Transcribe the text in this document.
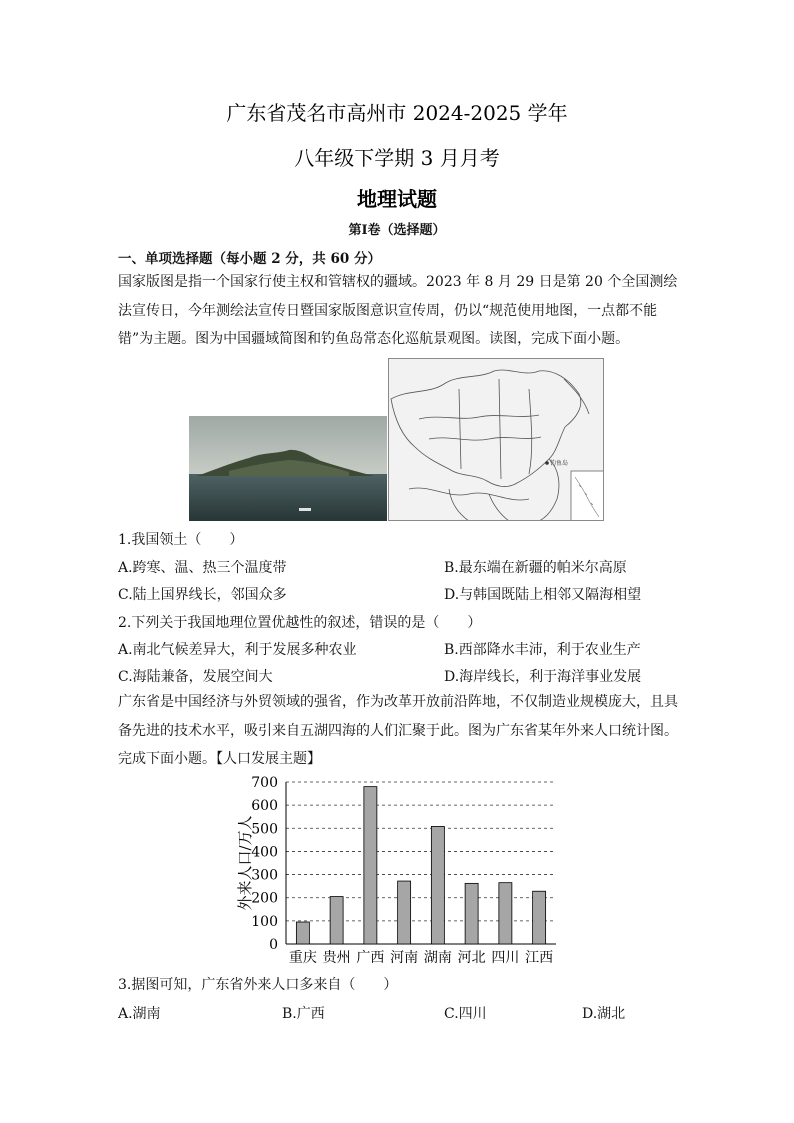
广东省茂名市高州市 2024-2025 学年
八年级下学期 3 月月考
地理试题
第Ⅰ卷（选择题）
一、单项选择题（每小题 2 分，共 60 分）
国家版图是指一个国家行使主权和管辖权的疆域。2023 年 8 月 29 日是第 20 个全国测绘法宣传日，今年测绘法宣传日暨国家版图意识宣传周，仍以“规范使用地图，一点都不能错”为主题。图为中国疆域简图和钓鱼岛常态化巡航景观图。读图，完成下面小题。
钓鱼岛
1.我国领土（　　）
A.跨寒、温、热三个温度带	B.最东端在新疆的帕米尔高原
C.陆上国界线长，邻国众多	D.与韩国既陆上相邻又隔海相望
2.下列关于我国地理位置优越性的叙述，错误的是（　　）
A.南北气候差异大，利于发展多种农业	B.西部降水丰沛，利于农业生产
C.海陆兼备，发展空间大	D.海岸线长，利于海洋事业发展
广东省是中国经济与外贸领域的强省，作为改革开放前沿阵地，不仅制造业规模庞大，且具备先进的技术水平，吸引来自五湖四海的人们汇聚于此。图为广东省某年外来人口统计图。完成下面小题。【人口发展主题】
0
100
200
300
400
500
600
700
外来人口/万人
重庆 贵州 广西 河南 湖南 河北 四川 江西
3.据图可知，广东省外来人口多来自（　　）
A.湖南	B.广西	C.四川	D.湖北
